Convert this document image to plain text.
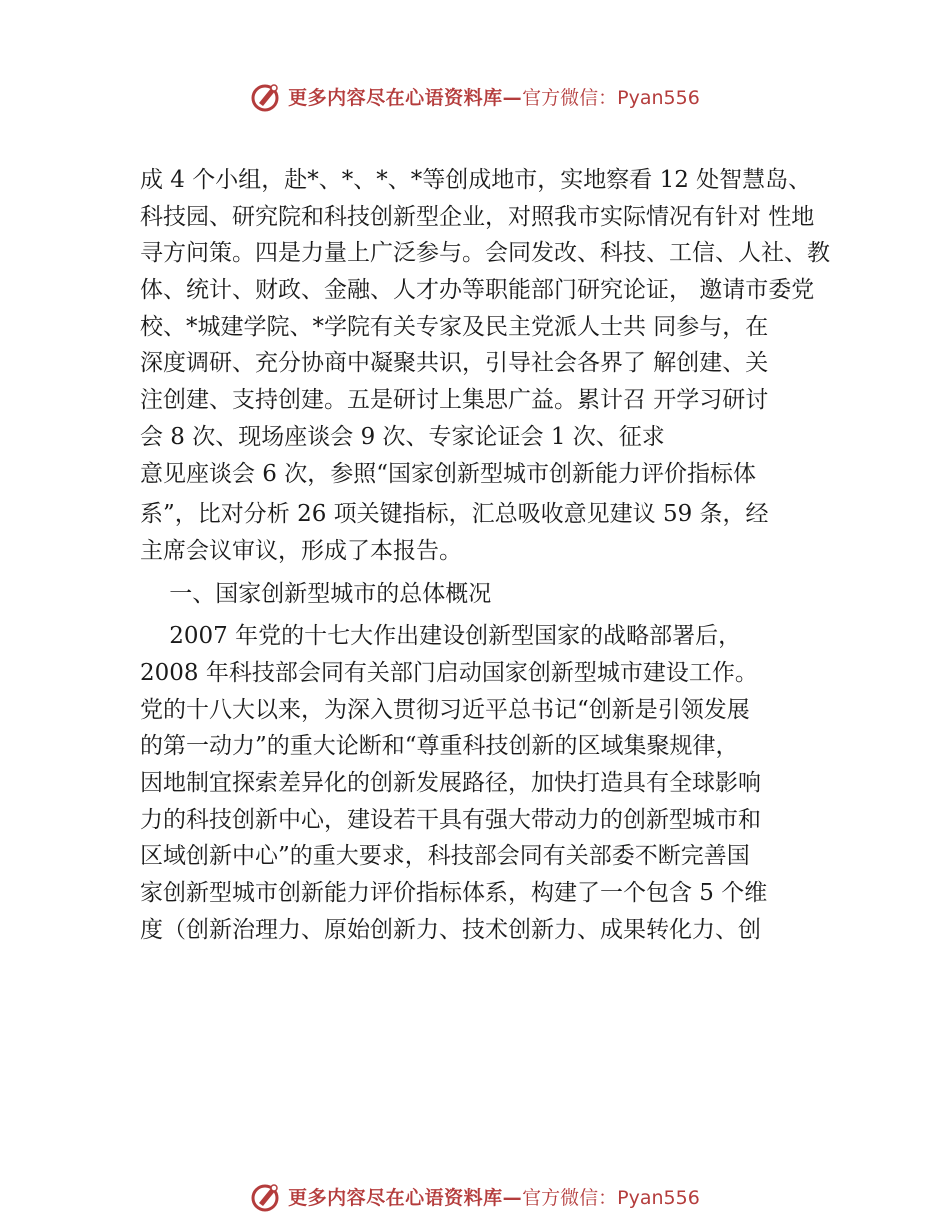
更多内容尽在心语资料库— 官方微信：Pyan556
成 4 个小组，赴*、*、*、*等创成地市，实地察看 12 处智慧岛、
科技园、研究院和科技创新型企业，对照我市实际情况有针对 性地
寻方问策。四是力量上广泛参与。会同发改、科技、工信、人社、教
体、统计、财政、金融、人才办等职能部门研究论证， 邀请市委党
校、*城建学院、*学院有关专家及民主党派人士共 同参与，在
深度调研、充分协商中凝聚共识，引导社会各界了 解创建、关
注创建、支持创建。五是研讨上集思广益。累计召 开学习研讨
会 8 次、现场座谈会 9 次、专家论证会 1 次、征求
意见座谈会 6 次，参照“国家创新型城市创新能力评价指标体
系”，比对分析 26 项关键指标，汇总吸收意见建议 59 条，经
主席会议审议，形成了本报告。
一、国家创新型城市的总体概况
2007 年党的十七大作出建设创新型国家的战略部署后，
2008 年科技部会同有关部门启动国家创新型城市建设工作。
党的十八大以来，为深入贯彻习近平总书记“创新是引领发展
的第一动力”的重大论断和“尊重科技创新的区域集聚规律，
因地制宜探索差异化的创新发展路径，加快打造具有全球影响
力的科技创新中心，建设若干具有强大带动力的创新型城市和
区域创新中心”的重大要求，科技部会同有关部委不断完善国
家创新型城市创新能力评价指标体系，构建了一个包含 5 个维
度（创新治理力、原始创新力、技术创新力、成果转化力、创
更多内容尽在心语资料库— 官方微信：Pyan556
